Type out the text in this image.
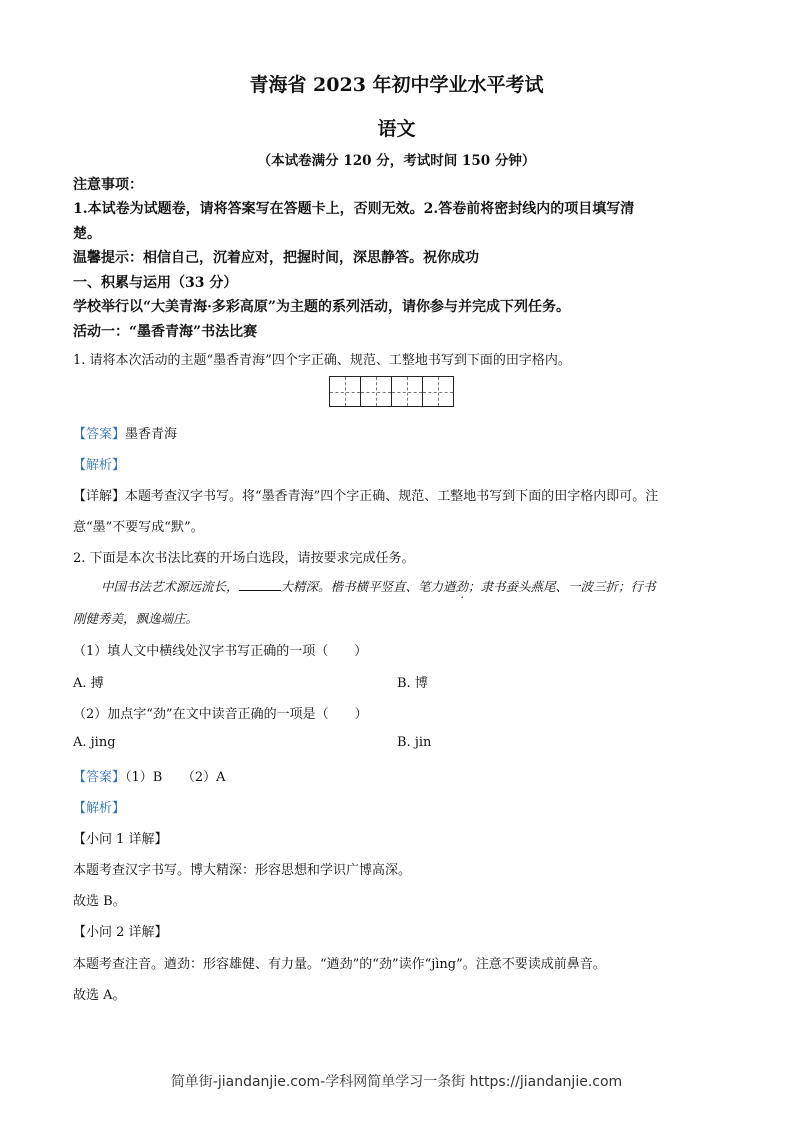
青海省 2023 年初中学业水平考试
语文
（本试卷满分 120 分，考试时间 150 分钟）
注意事项：
1.本试卷为试题卷，请将答案写在答题卡上，否则无效。2.答卷前将密封线内的项目填写清
楚。
温馨提示：相信自己，沉着应对，把握时间，深思静答。祝你成功
一、积累与运用（33 分）
学校举行以“大美青海·多彩高原”为主题的系列活动，请你参与并完成下列任务。
活动一：“墨香青海”书法比赛
1. 请将本次活动的主题“墨香青海”四个字正确、规范、工整地书写到下面的田字格内。
【答案】墨香青海
【解析】
【详解】本题考查汉字书写。将“墨香青海”四个字正确、规范、工整地书写到下面的田字格内即可。注
意“墨”不要写成“默”。
2. 下面是本次书法比赛的开场白选段，请按要求完成任务。
中国书法艺术源远流长，	大精深。楷书横平竖直、笔力遒劲；隶书蚕头燕尾、一波三折；行书
刚健秀美，飘逸端庄。
（1）填人文中横线处汉字书写正确的一项（　　）
A. 搏	B. 博
（2）加点字“劲”在文中读音正确的一项是（　　）
A. jing	B. jin
【答案】（1）B　　（2）A
【解析】
【小问 1 详解】
本题考查汉字书写。博大精深：形容思想和学识广博高深。
故选 B。
【小问 2 详解】
本题考查注音。遒劲：形容雄健、有力量。“遒劲”的“劲”读作“jìng”。注意不要读成前鼻音。
故选 A。
简单街-jiandanjie.com-学科网简单学习一条街 https://jiandanjie.com
